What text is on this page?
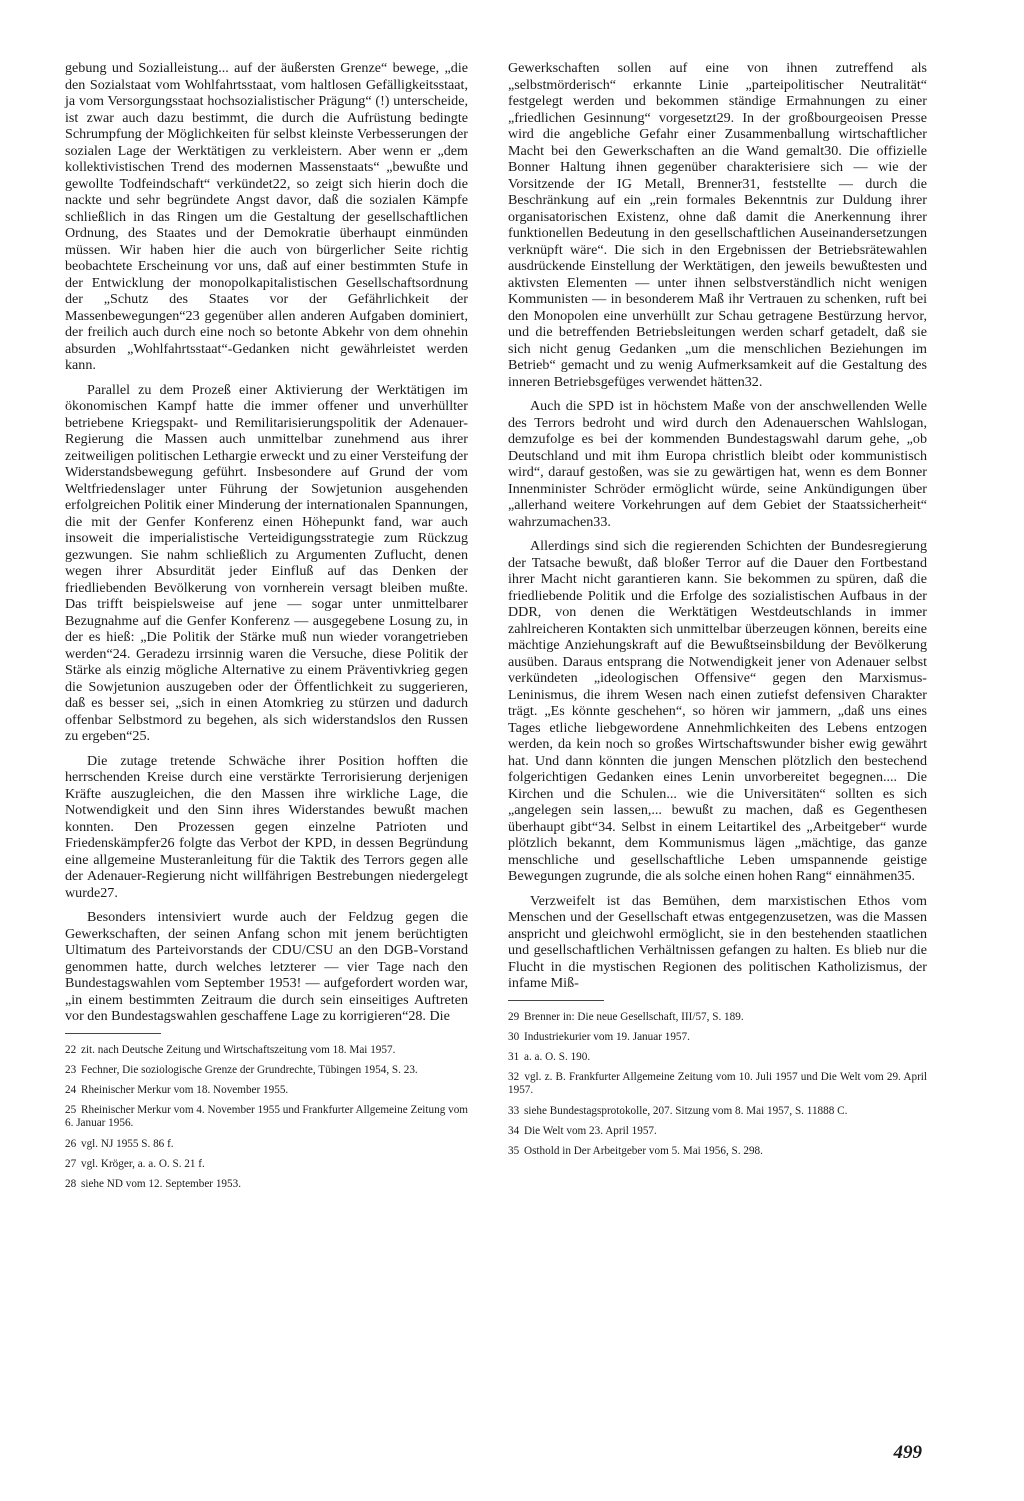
gebung und Sozialleistung... auf der äußersten Grenze“ bewege, „die den Sozialstaat vom Wohlfahrtsstaat, vom haltlosen Gefälligkeitsstaat, ja vom Versorgungsstaat hochsozialistischer Prägung“ (!) unterscheide, ist zwar auch dazu bestimmt, die durch die Aufrüstung bedingte Schrumpfung der Möglichkeiten für selbst kleinste Verbesserungen der sozialen Lage der Werktätigen zu verkleistern. Aber wenn er „dem kollektivistischen Trend des modernen Massenstaats“ „bewußte und gewollte Todfeindschaft“ verkündet22, so zeigt sich hierin doch die nackte und sehr begründete Angst davor, daß die sozialen Kämpfe schließlich in das Ringen um die Gestaltung der gesellschaftlichen Ordnung, des Staates und der Demokratie überhaupt einmünden müssen. Wir haben hier die auch von bürgerlicher Seite richtig beobachtete Erscheinung vor uns, daß auf einer bestimmten Stufe in der Entwicklung der monopolkapitalistischen Gesellschaftsordnung der „Schutz des Staates vor der Gefährlichkeit der Massenbewegungen“23 gegenüber allen anderen Aufgaben dominiert, der freilich auch durch eine noch so betonte Abkehr von dem ohnehin absurden „Wohlfahrtsstaat“-Gedanken nicht gewährleistet werden kann.

Parallel zu dem Prozeß einer Aktivierung der Werktätigen im ökonomischen Kampf hatte die immer offener und unverhüllter betriebene Kriegspakt- und Remilitarisierungspolitik der Adenauer-Regierung die Massen auch unmittelbar zunehmend aus ihrer zeitweiligen politischen Lethargie erweckt und zu einer Versteifung der Widerstandsbewegung geführt. Insbesondere auf Grund der vom Weltfriedenslager unter Führung der Sowjetunion ausgehenden erfolgreichen Politik einer Minderung der internationalen Spannungen, die mit der Genfer Konferenz einen Höhepunkt fand, war auch insoweit die imperialistische Verteidigungsstrategie zum Rückzug gezwungen. Sie nahm schließlich zu Argumenten Zuflucht, denen wegen ihrer Absurdität jeder Einfluß auf das Denken der friedliebenden Bevölkerung von vornherein versagt bleiben mußte. Das trifft beispielsweise auf jene — sogar unter unmittelbarer Bezugnahme auf die Genfer Konferenz — ausgegebene Losung zu, in der es hieß: „Die Politik der Stärke muß nun wieder vorangetrieben werden“24. Geradezu irrsinnig waren die Versuche, diese Politik der Stärke als einzig mögliche Alternative zu einem Präventivkrieg gegen die Sowjetunion auszugeben oder der Öffentlichkeit zu suggerieren, daß es besser sei, „sich in einen Atomkrieg zu stürzen und dadurch offenbar Selbstmord zu begehen, als sich widerstandslos den Russen zu ergeben“25.

Die zutage tretende Schwäche ihrer Position hofften die herrschenden Kreise durch eine verstärkte Terrorisierung derjenigen Kräfte auszugleichen, die den Massen ihre wirkliche Lage, die Notwendigkeit und den Sinn ihres Widerstandes bewußt machen konnten. Den Prozessen gegen einzelne Patrioten und Friedenskämpfer26 folgte das Verbot der KPD, in dessen Begründung eine allgemeine Musteranleitung für die Taktik des Terrors gegen alle der Adenauer-Regierung nicht willfährigen Bestrebungen niedergelegt wurde27.

Besonders intensiviert wurde auch der Feldzug gegen die Gewerkschaften, der seinen Anfang schon mit jenem berüchtigten Ultimatum des Parteivorstands der CDU/CSU an den DGB-Vorstand genommen hatte, durch welches letzterer — vier Tage nach den Bundestagswahlen vom September 1953! — aufgefordert worden war, „in einem bestimmten Zeitraum die durch sein einseitiges Auftreten vor den Bundestagswahlen geschaffene Lage zu korrigieren“28. Die

22 zit. nach Deutsche Zeitung und Wirtschaftszeitung vom 18. Mai 1957.

23 Fechner, Die soziologische Grenze der Grundrechte, Tübingen 1954, S. 23.

24 Rheinischer Merkur vom 18. November 1955.

25 Rheinischer Merkur vom 4. November 1955 und Frankfurter Allgemeine Zeitung vom 6. Januar 1956.

26 vgl. NJ 1955 S. 86 f.

27 vgl. Kröger, a. a. O. S. 21 f.

28 siehe ND vom 12. September 1953.

Gewerkschaften sollen auf eine von ihnen zutreffend als „selbstmörderisch“ erkannte Linie „parteipolitischer Neutralität“ festgelegt werden und bekommen ständige Ermahnungen zu einer „friedlichen Gesinnung“ vorgesetzt29. In der großbourgeoisen Presse wird die angebliche Gefahr einer Zusammenballung wirtschaftlicher Macht bei den Gewerkschaften an die Wand gemalt30. Die offizielle Bonner Haltung ihnen gegenüber charakterisiere sich — wie der Vorsitzende der IG Metall, Brenner31, feststellte — durch die Beschränkung auf ein „rein formales Bekenntnis zur Duldung ihrer organisatorischen Existenz, ohne daß damit die Anerkennung ihrer funktionellen Bedeutung in den gesellschaftlichen Auseinandersetzungen verknüpft wäre“. Die sich in den Ergebnissen der Betriebsrätewahlen ausdrückende Einstellung der Werktätigen, den jeweils bewußtesten und aktivsten Elementen — unter ihnen selbstverständlich nicht wenigen Kommunisten — in besonderem Maß ihr Vertrauen zu schenken, ruft bei den Monopolen eine unverhüllt zur Schau getragene Bestürzung hervor, und die betreffenden Betriebsleitungen werden scharf getadelt, daß sie sich nicht genug Gedanken „um die menschlichen Beziehungen im Betrieb“ gemacht und zu wenig Aufmerksamkeit auf die Gestaltung des inneren Betriebsgefüges verwendet hätten32.

Auch die SPD ist in höchstem Maße von der anschwellenden Welle des Terrors bedroht und wird durch den Adenauerschen Wahlslogan, demzufolge es bei der kommenden Bundestagswahl darum gehe, „ob Deutschland und mit ihm Europa christlich bleibt oder kommunistisch wird“, darauf gestoßen, was sie zu gewärtigen hat, wenn es dem Bonner Innenminister Schröder ermöglicht würde, seine Ankündigungen über „allerhand weitere Vorkehrungen auf dem Gebiet der Staatssicherheit“ wahrzumachen33.

Allerdings sind sich die regierenden Schichten der Bundesregierung der Tatsache bewußt, daß bloßer Terror auf die Dauer den Fortbestand ihrer Macht nicht garantieren kann. Sie bekommen zu spüren, daß die friedliebende Politik und die Erfolge des sozialistischen Aufbaus in der DDR, von denen die Werktätigen Westdeutschlands in immer zahlreicheren Kontakten sich unmittelbar überzeugen können, bereits eine mächtige Anziehungskraft auf die Bewußtseinsbildung der Bevölkerung ausüben. Daraus entsprang die Notwendigkeit jener von Adenauer selbst verkündeten „ideologischen Offensive“ gegen den Marxismus-Leninismus, die ihrem Wesen nach einen zutiefst defensiven Charakter trägt. „Es könnte geschehen“, so hören wir jammern, „daß uns eines Tages etliche liebgewordene Annehmlichkeiten des Lebens entzogen werden, da kein noch so großes Wirtschaftswunder bisher ewig gewährt hat. Und dann könnten die jungen Menschen plötzlich den bestechend folgerichtigen Gedanken eines Lenin unvorbereitet begegnen.... Die Kirchen und die Schulen... wie die Universitäten“ sollten es sich „angelegen sein lassen,... bewußt zu machen, daß es Gegenthesen überhaupt gibt“34. Selbst in einem Leitartikel des „Arbeitgeber“ wurde plötzlich bekannt, dem Kommunismus lägen „mächtige, das ganze menschliche und gesellschaftliche Leben umspannende geistige Bewegungen zugrunde, die als solche einen hohen Rang“ einnähmen35.

Verzweifelt ist das Bemühen, dem marxistischen Ethos vom Menschen und der Gesellschaft etwas entgegenzusetzen, was die Massen anspricht und gleichwohl ermöglicht, sie in den bestehenden staatlichen und gesellschaftlichen Verhältnissen gefangen zu halten. Es blieb nur die Flucht in die mystischen Regionen des politischen Katholizismus, der infame Miß-

29 Brenner in: Die neue Gesellschaft, III/57, S. 189.

30 Industriekurier vom 19. Januar 1957.

31 a. a. O. S. 190.

32 vgl. z. B. Frankfurter Allgemeine Zeitung vom 10. Juli 1957 und Die Welt vom 29. April 1957.

33 siehe Bundestagsprotokolle, 207. Sitzung vom 8. Mai 1957, S. 11888 C.

34 Die Welt vom 23. April 1957.

35 Osthold in Der Arbeitgeber vom 5. Mai 1956, S. 298.

499
